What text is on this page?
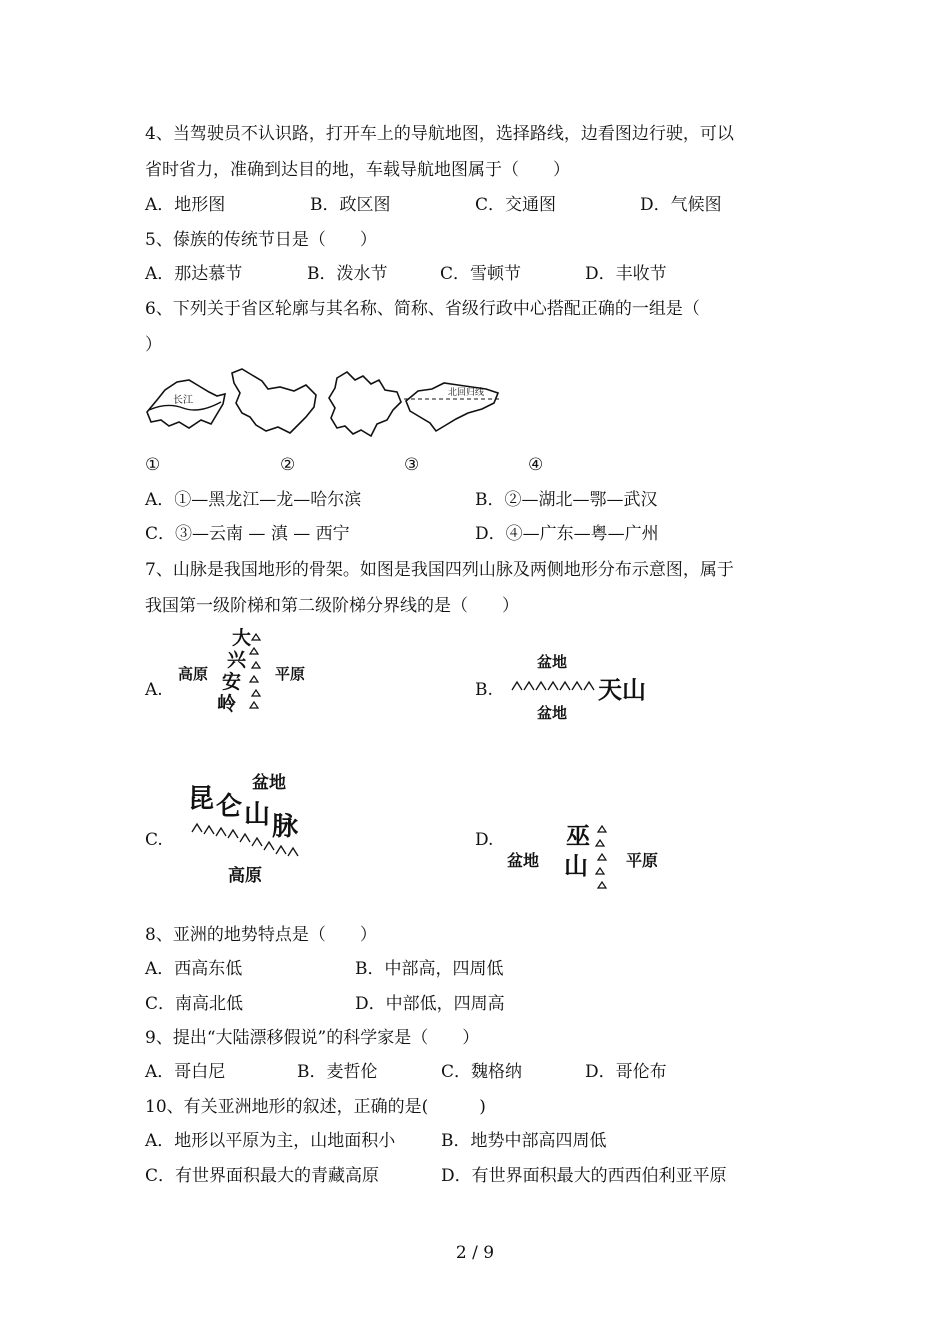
4、当驾驶员不认识路，打开车上的导航地图，选择路线，边看图边行驶，可以
省时省力，准确到达目的地，车载导航地图属于（　　）
A．地形图	B．政区图	C．交通图	D．气候图
5、傣族的传统节日是（　　）
A．那达慕节	B．泼水节	C．雪顿节	D．丰收节
6、下列关于省区轮廓与其名称、简称、省级行政中心搭配正确的一组是（
）
长江
北回归线
①	②	③	④
A．①—黑龙江—龙—哈尔滨	B．②—湖北—鄂—武汉
C．③—云南 — 滇 — 西宁	D．④—广东—粤—广州
7、山脉是我国地形的骨架。如图是我国四列山脉及两侧地形分布示意图，属于
我国第一级阶梯和第二级阶梯分界线的是（　　）
A.
高原
大
兴
安
岭
平原
B.
盆地
天山
盆地
C.
盆地
昆 仑 山 脉
高原
D.
盆地
巫
山 平原
8、亚洲的地势特点是（　　）
A．西高东低	B．中部高，四周低
C．南高北低	D．中部低，四周高
9、提出“大陆漂移假说”的科学家是（　　）
A．哥白尼	B．麦哲伦	C．魏格纳	D．哥伦布
10、有关亚洲地形的叙述，正确的是(　　　)
A．地形以平原为主，山地面积小	B．地势中部高四周低
C．有世界面积最大的青藏高原	D．有世界面积最大的西西伯利亚平原
2 / 9
